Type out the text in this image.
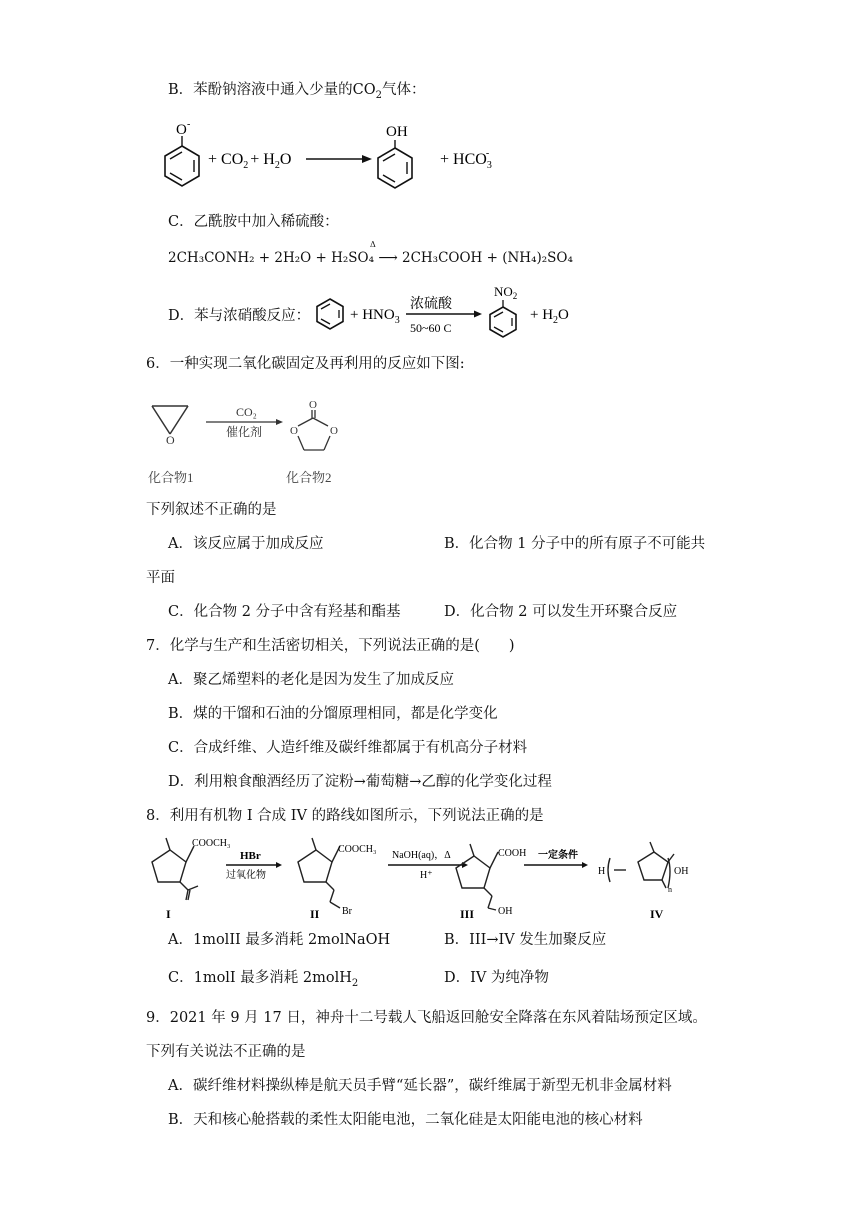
B．苯酚钠溶液中通入少量的$CO_2$气体：
O -
+ $CO_2 + H_2O$
OH
+ $HCO_3-$
C．乙酰胺中加入稀硫酸：
2CH₃CONH₂ + 2H₂O + H₂SO₄ ⟶ 2CH₃COOH + (NH₄)₂SO₄
Δ
D．苯与浓硝酸反应：	+ $HNO_3$
浓硫酸
50~60 C
$NO_2$
+ $H_2O$
6．一种实现二氧化碳固定及再利用的反应如下图:
O
CO₂
催化剂
O
O	O
化合物1	化合物2
下列叙述不正确的是
A．该反应属于加成反应	B．化合物 1 分子中的所有原子不可能共
平面
C．化合物 2 分子中含有羟基和酯基	D．化合物 2 可以发生开环聚合反应
7．化学与生产和生活密切相关，下列说法正确的是(　　)
A．聚乙烯塑料的老化是因为发生了加成反应
B．煤的干馏和石油的分馏原理相同，都是化学变化
C．合成纤维、人造纤维及碳纤维都属于有机高分子材料
D．利用粮食酿酒经历了淀粉→葡萄糖→乙醇的化学变化过程
8．利用有机物 I 合成 IV 的路线如图所示，下列说法正确的是
COOCH₃
HBr
过氧化物
COOCH₃
Br
NaOH(aq)，Δ
H⁺
COOH
OH
一定条件
H	OH
n
I	II	III	IV
A．1molII 最多消耗 2molNaOH	B．III→IV 发生加聚反应
C．1molI 最多消耗 2molH$_2$	D．IV 为纯净物
9．2021 年 9 月 17 日，神舟十二号载人飞船返回舱安全降落在东风着陆场预定区域。
下列有关说法不正确的是
A．碳纤维材料操纵棒是航天员手臂“延长器”，碳纤维属于新型无机非金属材料
B．天和核心舱搭载的柔性太阳能电池，二氧化硅是太阳能电池的核心材料
